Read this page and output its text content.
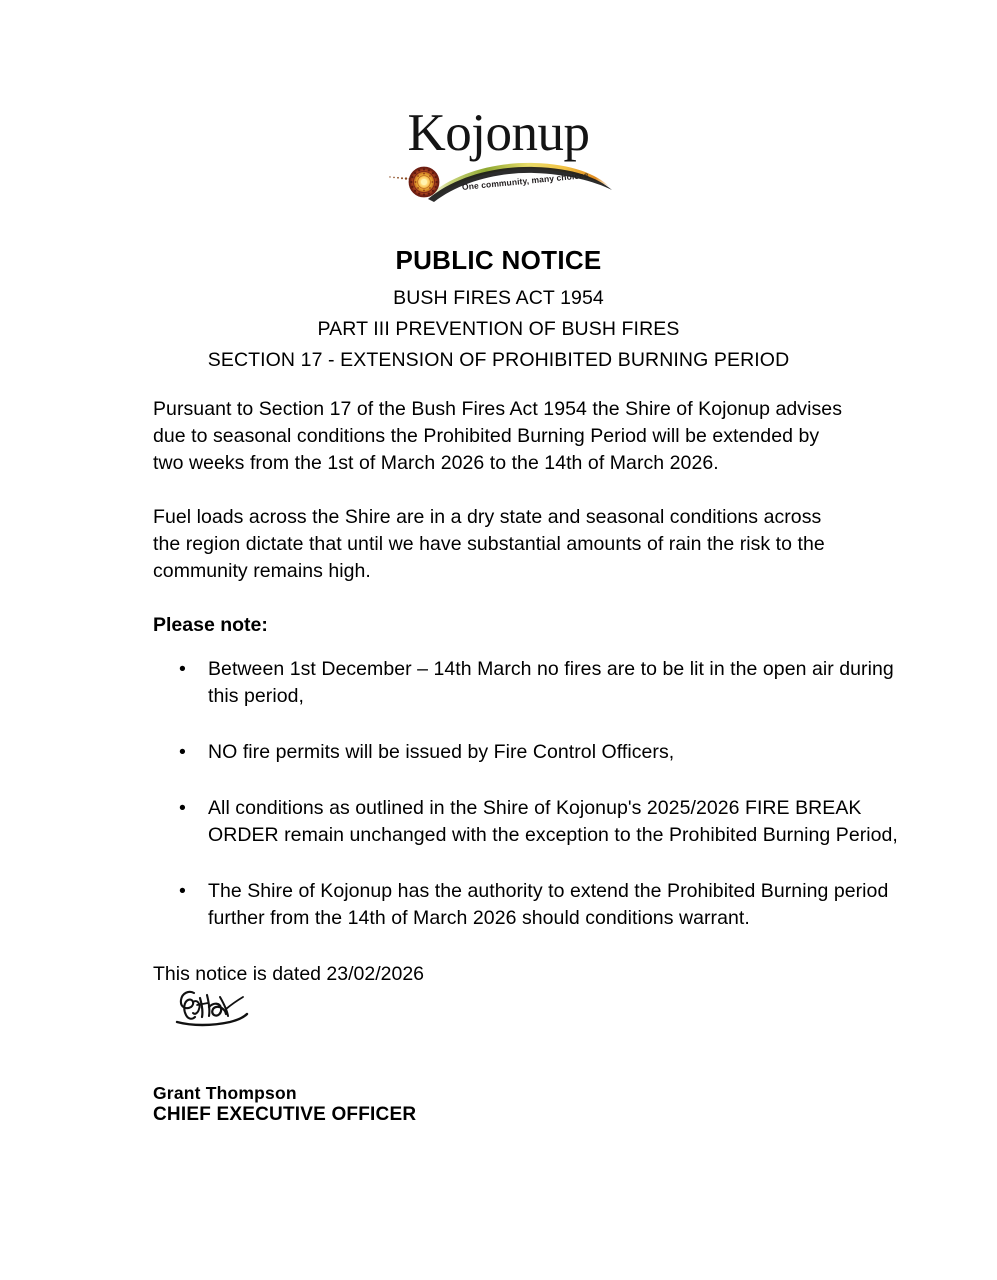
Kojonup
One community, many choices
PUBLIC NOTICE
BUSH FIRES ACT 1954
PART III PREVENTION OF BUSH FIRES
SECTION 17 - EXTENSION OF PROHIBITED BURNING PERIOD

Pursuant to Section 17 of the Bush Fires Act 1954 the Shire of Kojonup advises due to seasonal conditions the Prohibited Burning Period will be extended by two weeks from the 1st of March 2026 to the 14th of March 2026.

Fuel loads across the Shire are in a dry state and seasonal conditions across the region dictate that until we have substantial amounts of rain the risk to the community remains high.

Please note:
• Between 1st December – 14th March no fires are to be lit in the open air during this period,
• NO fire permits will be issued by Fire Control Officers,
• All conditions as outlined in the Shire of Kojonup's 2025/2026 FIRE BREAK ORDER remain unchanged with the exception to the Prohibited Burning Period,
• The Shire of Kojonup has the authority to extend the Prohibited Burning period further from the 14th of March 2026 should conditions warrant.

This notice is dated 23/02/2026

Grant Thompson
CHIEF EXECUTIVE OFFICER
